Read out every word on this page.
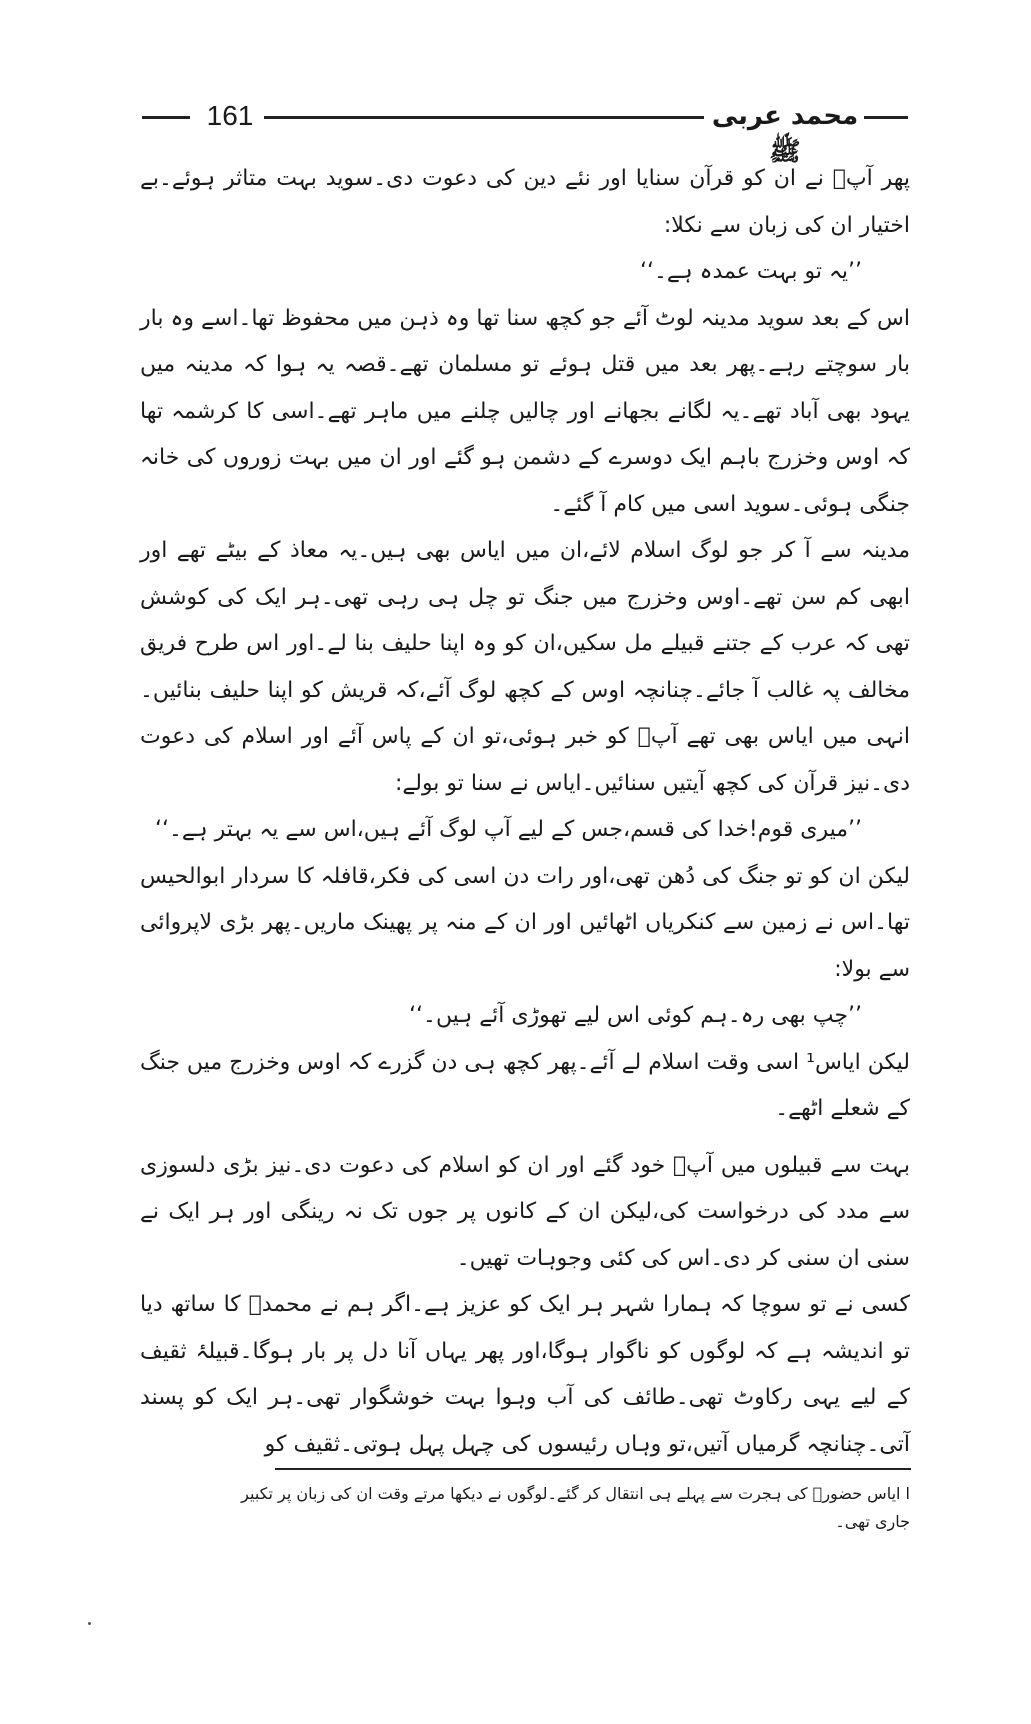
161	محمد عربی ﷺ

پھر آپؐ نے ان کو قرآن سنایا اور نئے دین کی دعوت دی۔سوید بہت متاثر ہوئے۔بے اختیار ان کی زبان سے نکلا:

’’یہ تو بہت عمدہ ہے۔‘‘

اس کے بعد سوید مدینہ لوٹ آئے جو کچھ سنا تھا وہ ذہن میں محفوظ تھا۔اسے وہ بار بار سوچتے رہے۔پھر بعد میں قتل ہوئے تو مسلمان تھے۔قصہ یہ ہوا کہ مدینہ میں یہود بھی آباد تھے۔یہ لگانے بجھانے اور چالیں چلنے میں ماہر تھے۔اسی کا کرشمہ تھا کہ اوس وخزرج باہم ایک دوسرے کے دشمن ہو گئے اور ان میں بہت زوروں کی خانہ جنگی ہوئی۔سوید اسی میں کام آ گئے۔

مدینہ سے آ کر جو لوگ اسلام لائے،ان میں ایاس بھی ہیں۔یہ معاذ کے بیٹے تھے اور ابھی کم سن تھے۔اوس وخزرج میں جنگ تو چل ہی رہی تھی۔ہر ایک کی کوشش تھی کہ عرب کے جتنے قبیلے مل سکیں،ان کو وہ اپنا حلیف بنا لے۔اور اس طرح فریق مخالف پہ غالب آ جائے۔چنانچہ اوس کے کچھ لوگ آئے،کہ قریش کو اپنا حلیف بنائیں۔انہی میں ایاس بھی تھے آپؐ کو خبر ہوئی،تو ان کے پاس آئے اور اسلام کی دعوت دی۔نیز قرآن کی کچھ آیتیں سنائیں۔ایاس نے سنا تو بولے:

’’میری قوم!خدا کی قسم،جس کے لیے آپ لوگ آئے ہیں،اس سے یہ بہتر ہے۔‘‘

لیکن ان کو تو جنگ کی دُھن تھی،اور رات دن اسی کی فکر،قافلہ کا سردار ابوالحیس تھا۔اس نے زمین سے کنکریاں اٹھائیں اور ان کے منہ پر پھینک ماریں۔پھر بڑی لاپروائی سے بولا:

’’چپ بھی رہ۔ہم کوئی اس لیے تھوڑی آئے ہیں۔‘‘

لیکن ایاس¹ اسی وقت اسلام لے آئے۔پھر کچھ ہی دن گزرے کہ اوس وخزرج میں جنگ کے شعلے اٹھے۔

بہت سے قبیلوں میں آپؐ خود گئے اور ان کو اسلام کی دعوت دی۔نیز بڑی دلسوزی سے مدد کی درخواست کی،لیکن ان کے کانوں پر جوں تک نہ رینگی اور ہر ایک نے سنی ان سنی کر دی۔اس کی کئی وجوہات تھیں۔

کسی نے تو سوچا کہ ہمارا شہر ہر ایک کو عزیز ہے۔اگر ہم نے محمدؐ کا ساتھ دیا تو اندیشہ ہے کہ لوگوں کو ناگوار ہوگا،اور پھر یہاں آنا دل پر بار ہوگا۔قبیلۂ ثقیف کے لیے یہی رکاوٹ تھی۔طائف کی آب وہوا بہت خوشگوار تھی۔ہر ایک کو پسند آتی۔چنانچہ گرمیاں آتیں،تو وہاں رئیسوں کی چہل پہل ہوتی۔ثقیف کو

ا ایاس حضورؐ کی ہجرت سے پہلے ہی انتقال کر گئے۔لوگوں نے دیکھا مرتے وقت ان کی زبان پر تکبیر جاری تھی۔
